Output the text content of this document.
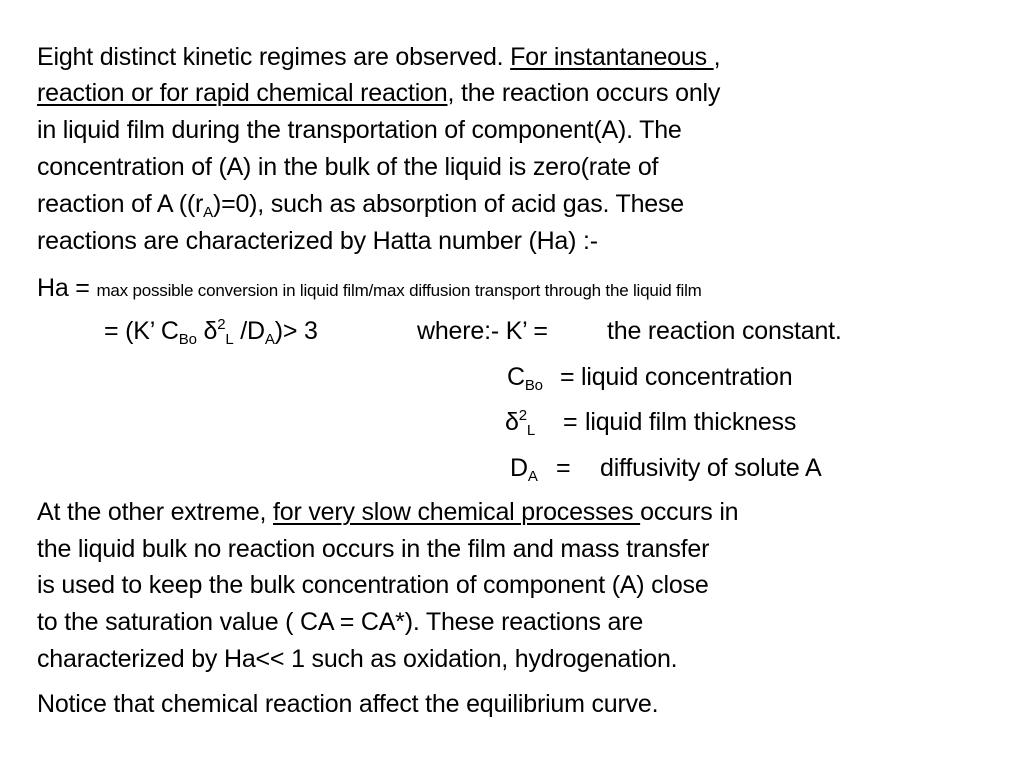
Eight distinct kinetic regimes are observed. For instantaneous ,
reaction or for rapid chemical reaction, the reaction occurs only
in liquid film during the transportation of component(A). The
concentration of (A) in the bulk of the liquid is zero(rate of
reaction of A $((r_A)=0)$, such as absorption of acid gas. These
reactions are characterized by Hatta number (Ha) :-
Ha = max possible conversion in liquid film/max diffusion transport through the liquid film
= (K’ $C_{Bo}$ $\delta^2_L$ $/D_A)> 3$	where:- K’ = the reaction constant.
$C_{Bo}$ = liquid concentration
$\delta^2_L$ = liquid film thickness
$D_A$ = diffusivity of solute A
At the other extreme, for very slow chemical processes occurs in
the liquid bulk no reaction occurs in the film and mass transfer
is used to keep the bulk concentration of component (A) close
to the saturation value ( CA = CA*). These reactions are
characterized by Ha<< 1 such as oxidation, hydrogenation.
Notice that chemical reaction affect the equilibrium curve.
